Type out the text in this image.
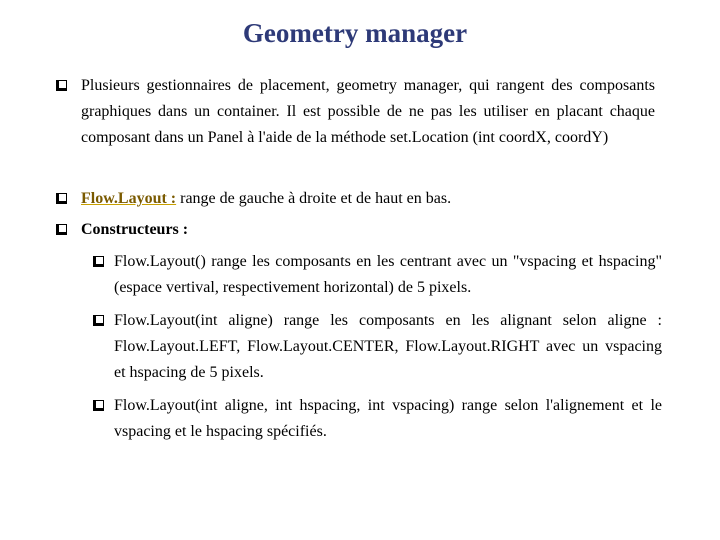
Geometry manager
Plusieurs gestionnaires de placement, geometry manager, qui rangent des composants graphiques dans un container. Il est possible de ne pas les utiliser en placant chaque composant dans un Panel à l'aide de la méthode set.Location (int coordX, coordY)
Flow.Layout : range de gauche à droite et de haut en bas.
Constructeurs :
Flow.Layout() range les composants en les centrant avec un "vspacing et hspacing" (espace vertival, respectivement horizontal) de 5 pixels.
Flow.Layout(int aligne) range les composants en les alignant selon aligne : Flow.Layout.LEFT, Flow.Layout.CENTER, Flow.Layout.RIGHT avec un vspacing et hspacing de 5 pixels.
Flow.Layout(int aligne, int hspacing, int vspacing) range selon l'alignement et le vspacing et le hspacing spécifiés.
